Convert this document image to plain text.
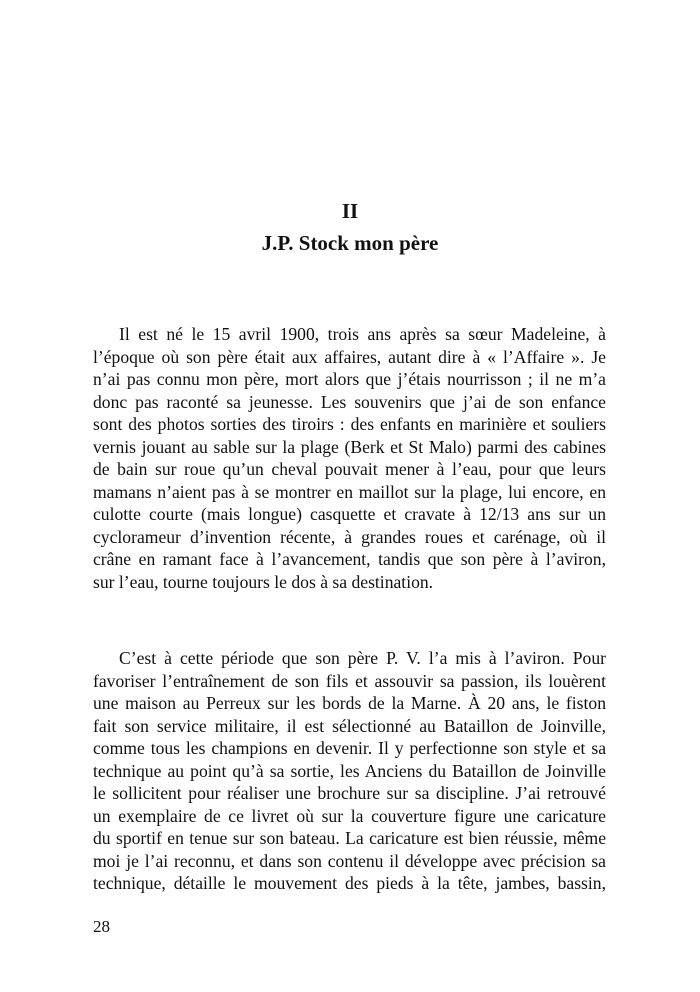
II
J.P. Stock mon père
Il est né le 15 avril 1900, trois ans après sa sœur Madeleine, à
l’époque où son père était aux affaires, autant dire à « l’Affaire ». Je
n’ai pas connu mon père, mort alors que j’étais nourrisson ; il ne m’a
donc pas raconté sa jeunesse. Les souvenirs que j’ai de son enfance
sont des photos sorties des tiroirs : des enfants en marinière et souliers
vernis jouant au sable sur la plage (Berk et St Malo) parmi des cabines
de bain sur roue qu’un cheval pouvait mener à l’eau, pour que leurs
mamans n’aient pas à se montrer en maillot sur la plage, lui encore, en
culotte courte (mais longue) casquette et cravate à 12/13 ans sur un
cyclorameur d’invention récente, à grandes roues et carénage, où il
crâne en ramant face à l’avancement, tandis que son père à l’aviron,
sur l’eau, tourne toujours le dos à sa destination.
C’est à cette période que son père P. V. l’a mis à l’aviron. Pour
favoriser l’entraînement de son fils et assouvir sa passion, ils louèrent
une maison au Perreux sur les bords de la Marne. À 20 ans, le fiston
fait son service militaire, il est sélectionné au Bataillon de Joinville,
comme tous les champions en devenir. Il y perfectionne son style et sa
technique au point qu’à sa sortie, les Anciens du Bataillon de Joinville
le sollicitent pour réaliser une brochure sur sa discipline. J’ai retrouvé
un exemplaire de ce livret où sur la couverture figure une caricature
du sportif en tenue sur son bateau. La caricature est bien réussie, même
moi je l’ai reconnu, et dans son contenu il développe avec précision sa
technique, détaille le mouvement des pieds à la tête, jambes, bassin,
28
